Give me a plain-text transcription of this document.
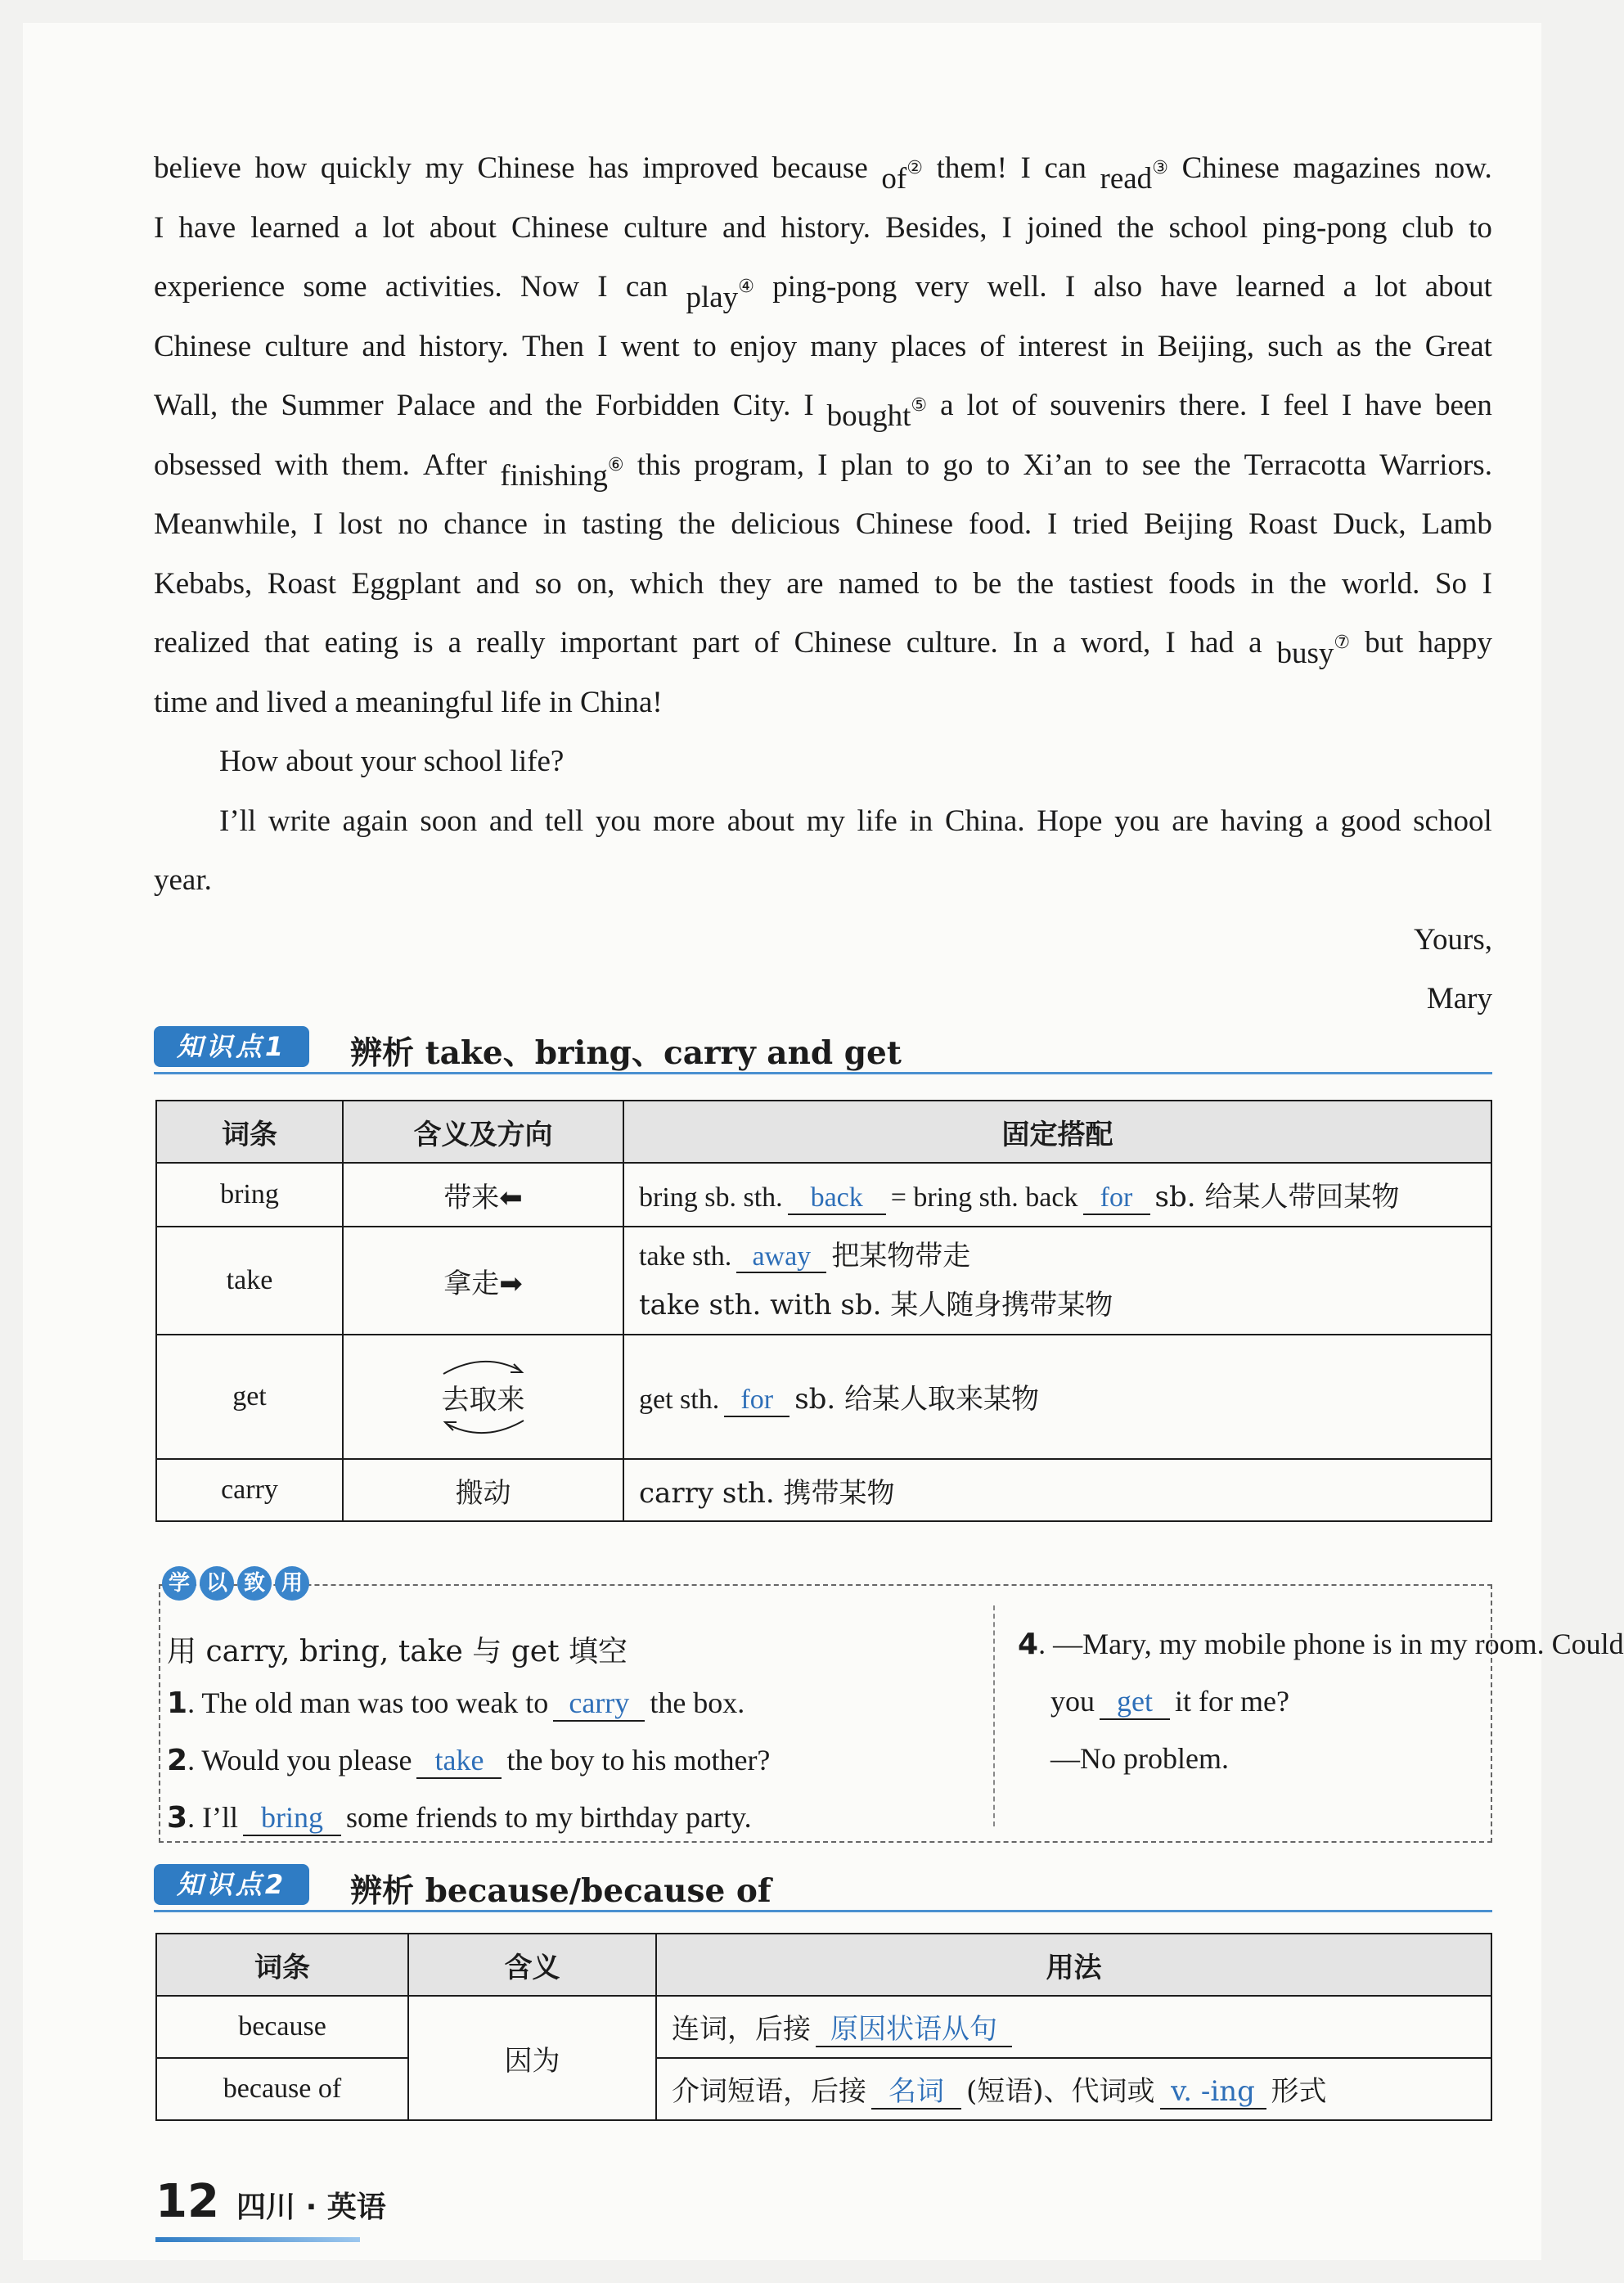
believe how quickly my Chinese has improved because of② them! I can read③ Chinese magazines now.
I have learned a lot about Chinese culture and history. Besides, I joined the school ping-pong club to
experience some activities. Now I can play④ ping-pong very well. I also have learned a lot about
Chinese culture and history. Then I went to enjoy many places of interest in Beijing, such as the Great
Wall, the Summer Palace and the Forbidden City. I bought⑤ a lot of souvenirs there. I feel I have been
obsessed with them. After finishing⑥ this program, I plan to go to Xi’an to see the Terracotta Warriors.
Meanwhile, I lost no chance in tasting the delicious Chinese food. I tried Beijing Roast Duck, Lamb
Kebabs, Roast Eggplant and so on, which they are named to be the tastiest foods in the world. So I
realized that eating is a really important part of Chinese culture. In a word, I had a busy⑦ but happy
time and lived a meaningful life in China!
How about your school life?
I’ll write again soon and tell you more about my life in China. Hope you are having a good school
year.
Yours,
Mary
知识点1	辨析 take、bring、carry and get
词条	含义及方向	固定搭配
bring	带来⬅	bring sb. sth. back = bring sth. back for sb. 给某人带回某物
take	拿走➡	take sth. away 把某物带走
take sth. with sb. 某人随身携带某物

get	去取来	get sth. for sb. 给某人取来某物
carry	搬动	carry sth. 携带某物
学 以 致 用
用 carry, bring, take 与 get 填空
1. The old man was too weak to carry the box.
2. Would you please take the boy to his mother?
3. I’ll bring some friends to my birthday party.
4. —Mary, my mobile phone is in my room. Could
you get it for me?
—No problem.
知识点2	辨析 because/because of
词条	含义	用法
because	因为	连词，后接 原因状语从句
because of		介词短语，后接 名词 (短语)、代词或 v. -ing 形式
12 四川 · 英语
